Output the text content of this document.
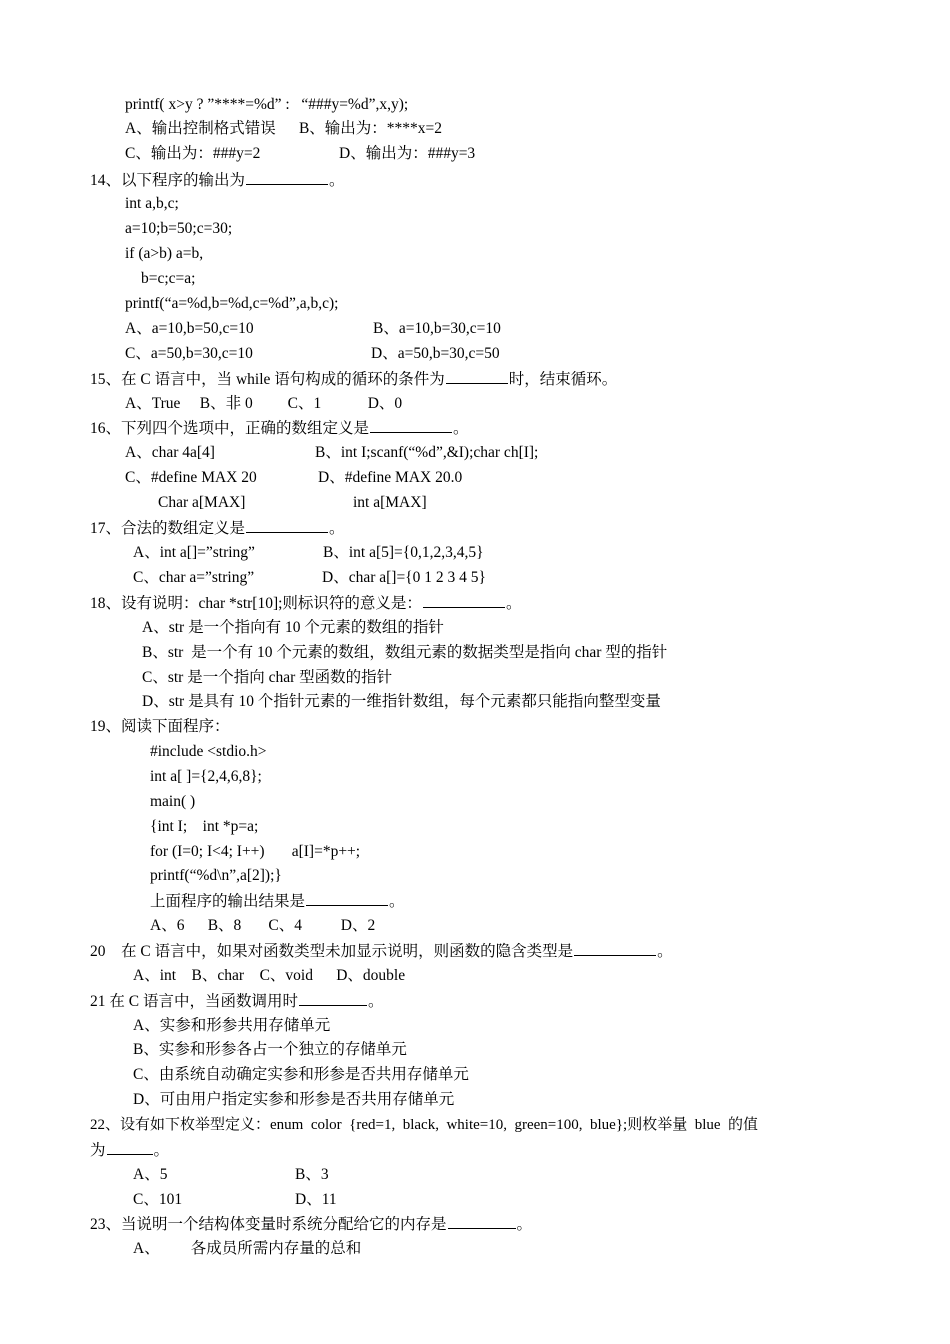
printf( x>y ? ”****=%d” :   “###y=%d”,x,y);
A、输出控制格式错误      B、输出为：****x=2
C、输出为：###y=2	D、输出为：###y=3
14、以下程序的输出为	。
int a,b,c;
a=10;b=50;c=30;
if (a>b) a=b,
b=c;c=a;
printf(“a=%d,b=%d,c=%d”,a,b,c);
A、a=10,b=50,c=10	B、a=10,b=30,c=10
C、a=50,b=30,c=10	D、a=50,b=30,c=50
15、在 C 语言中，当 while 语句构成的循环的条件为	时，结束循环。
A、True     B、非 0         C、1            D、0
16、下列四个选项中，正确的数组定义是	。
A、char 4a[4]	B、int I;scanf(“%d”,&I);char ch[I];
C、#define MAX 20	D、#define MAX 20.0
Char a[MAX]	int a[MAX]
17、合法的数组定义是	。
A、int a[]=”string”	B、int a[5]={0,1,2,3,4,5}
C、char a=”string”	D、char a[]={0 1 2 3 4 5}
18、设有说明：char *str[10];则标识符的意义是：	。
A、str 是一个指向有 10 个元素的数组的指针
B、str  是一个有 10 个元素的数组，数组元素的数据类型是指向 char 型的指针
C、str 是一个指向 char 型函数的指针
D、str 是具有 10 个指针元素的一维指针数组，每个元素都只能指向整型变量
19、阅读下面程序：
#include <stdio.h>
int a[ ]={2,4,6,8};
main( )
{int I;    int *p=a;
for (I=0; I<4; I++)       a[I]=*p++;
printf(“%d\n”,a[2]);}
上面程序的输出结果是	。
A、6      B、8       C、4          D、2
20    在 C 语言中，如果对函数类型未加显示说明，则函数的隐含类型是	。
A、int    B、char    C、void      D、double
21 在 C 语言中，当函数调用时	。
A、实参和形参共用存储单元
B、实参和形参各占一个独立的存储单元
C、由系统自动确定实参和形参是否共用存储单元
D、可由用户指定实参和形参是否共用存储单元
22、设有如下枚举型定义：enum  color  {red=1,  black,  white=10,  green=100,  blue};则枚举量  blue  的值
为	。
A、5	B、3
C、101	D、11
23、当说明一个结构体变量时系统分配给它的内存是	。
A、        各成员所需内存量的总和
